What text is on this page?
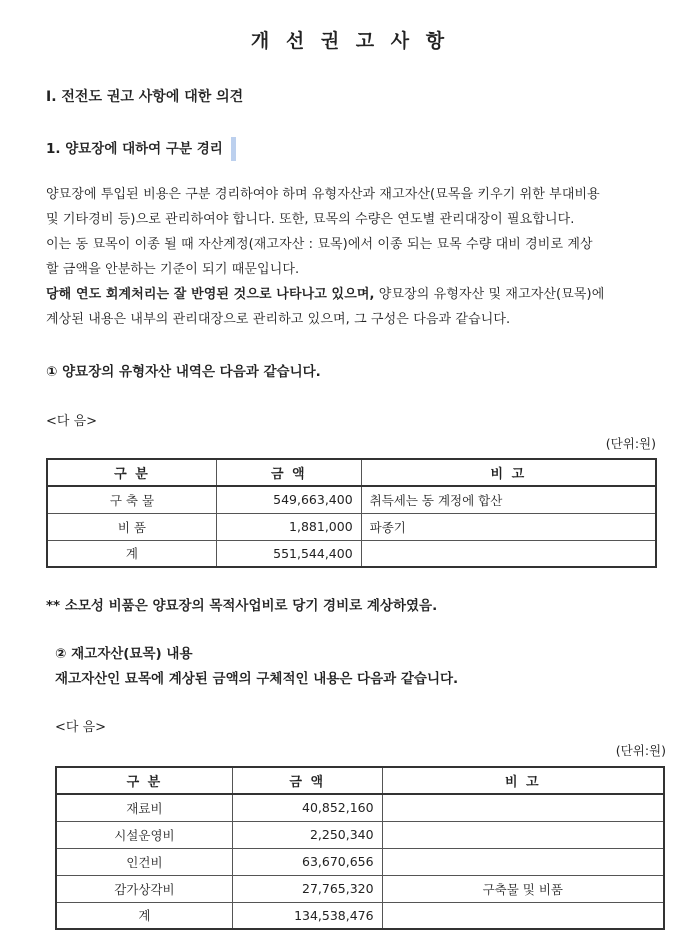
개 선 권 고 사 항
I. 전전도 권고 사항에 대한 의견
1. 양묘장에 대하여 구분 경리
양묘장에 투입된 비용은 구분 경리하여야 하며 유형자산과 재고자산(묘목을 키우기 위한 부대비용
및 기타경비 등)으로 관리하여야 합니다. 또한, 묘목의 수량은 연도별 관리대장이 필요합니다.
이는 동 묘목이 이종 될 때 자산계정(재고자산 : 묘목)에서 이종 되는 묘목 수량 대비 경비로 계상
할 금액을 안분하는 기준이 되기 때문입니다.
당해 연도 회계처리는 잘 반영된 것으로 나타나고 있으며, 양묘장의 유형자산 및 재고자산(묘목)에
계상된 내용은 내부의 관리대장으로 관리하고 있으며, 그 구성은 다음과 같습니다.
① 양묘장의 유형자산 내역은 다음과 같습니다.
<다 음>
(단위:원)
구 분	금 액	비 고
구 축 물	549,663,400	취득세는 동 계정에 합산
비 품	1,881,000	파종기
계	551,544,400	
** 소모성 비품은 양묘장의 목적사업비로 당기 경비로 계상하였음.
② 재고자산(묘목) 내용
재고자산인 묘목에 계상된 금액의 구체적인 내용은 다음과 같습니다.
<다 음>
(단위:원)
구 분	금 액	비 고
재료비	40,852,160	
시설운영비	2,250,340	
인건비	63,670,656	
감가상각비	27,765,320	구축물 및 비품
계	134,538,476	
